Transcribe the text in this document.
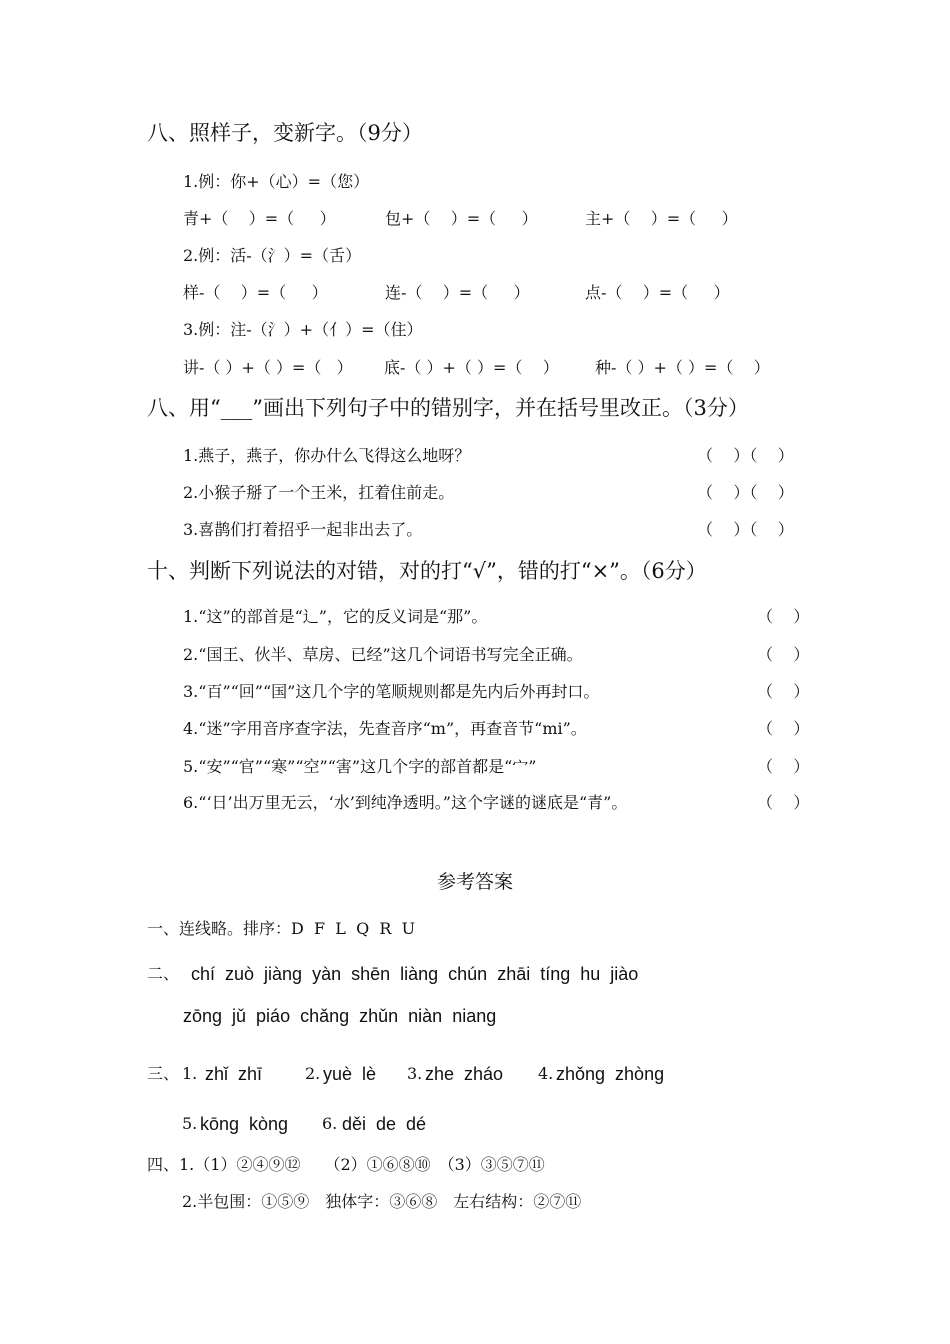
八、照样子，变新字。（9分）
1.例：你+（心）=（您）
青+（    ）=（     ）	包+（    ）=（     ）	主+（    ）=（     ）
2.例：活-（氵）=（舌）
样-（    ）=（     ）	连-（    ）=（     ）	点-（    ）=（     ）
3.例：注-（氵）+（亻）=（住）
讲-（ ）+（ ）=（   ） 底-（ ）+（ ）=（    ） 种-（ ）+（ ）=（    ）
八、用“___”画出下列句子中的错别字，并在括号里改正。（3分）
1.燕子，燕子，你办什么飞得这么地呀？	（    ）（    ）
2.小猴子掰了一个王米，扛着住前走。	（    ）（    ）
3.喜鹊们打着招乎一起非出去了。	（    ）（    ）
十、判断下列说法的对错，对的打“√”，错的打“×”。（6分）
1.“这”的部首是“辶”，它的反义词是“那”。	（    ）
2.“国王、伙半、草房、已经”这几个词语书写完全正确。	（    ）
3.“百”“回”“国”这几个字的笔顺规则都是先内后外再封口。	（    ）
4.“迷”字用音序查字法，先查音序“m”，再查音节“mi”。	（    ）
5.“安”“官”“寒”“空”“害”这几个字的部首都是“宀”	（    ）
6.“‘日’出万里无云，‘水’到纯净透明。”这个字谜的谜底是“青”。	（    ）
参考答案
一、连线略。排序：D  F  L  Q  R  U
二、 chí  zuò  jiàng  yàn  shēn  liàng  chún  zhāi  tíng  hu  jiào
zōng  jǔ  piáo  chǎng  zhǔn  niàn  niang
三、 1. zhǐ  zhī	2. yuè  lè 3. zhe  zháo 4. zhǒng  zhòng
5. kōng  kòng 6. děi  de  dé
四、1.（1）②④⑨⑫　　（2）①⑥⑧⑩　（3）③⑤⑦⑪
2.半包围：①⑤⑨　独体字：③⑥⑧　左右结构：②⑦⑪
